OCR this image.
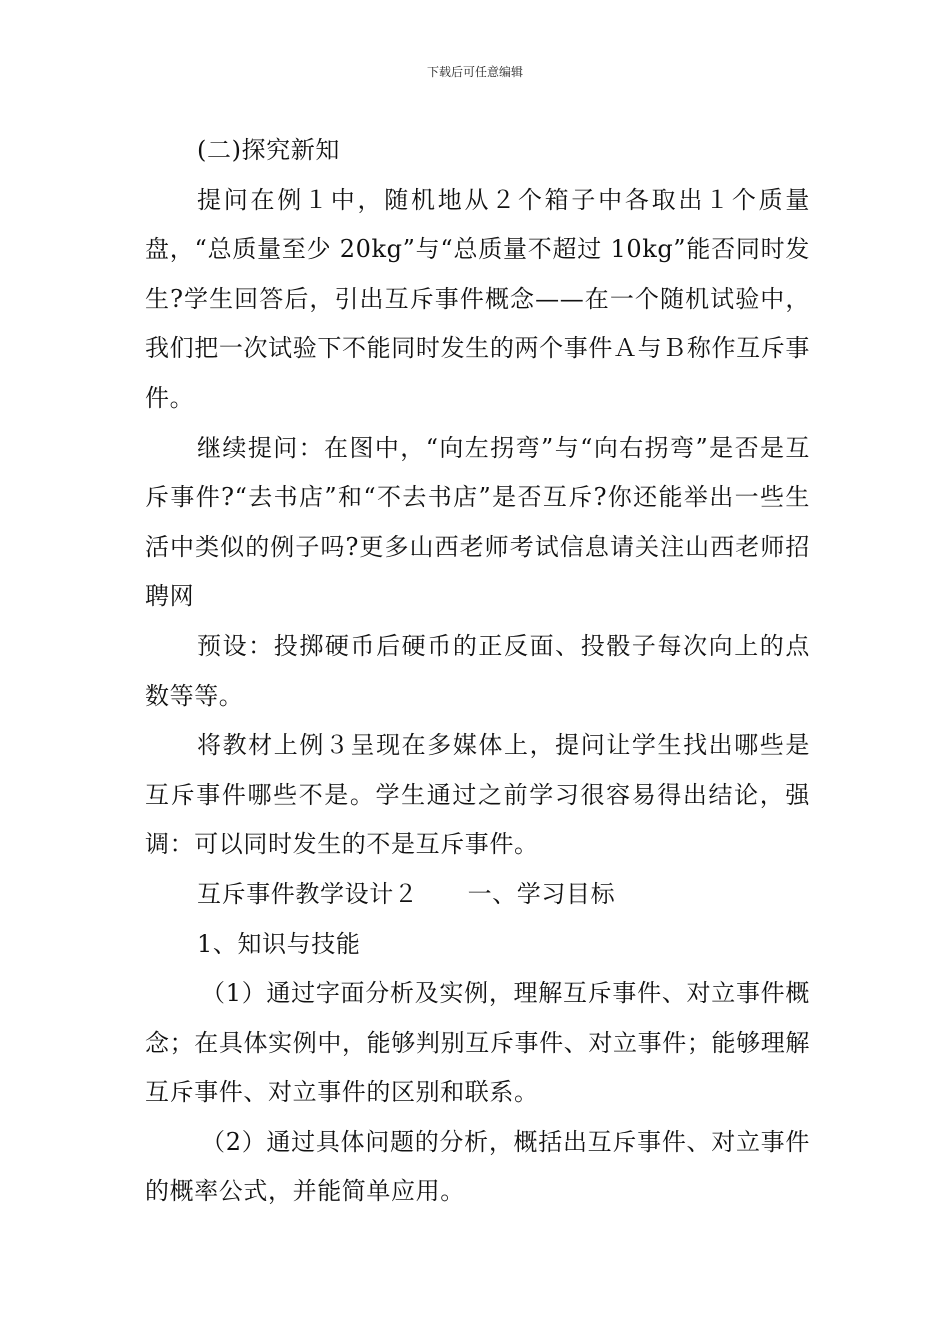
下载后可任意编辑

(二)探究新知

提问在例１中，随机地从２个箱子中各取出１个质量盘，“总质量至少 20kg”与“总质量不超过 10kg”能否同时发生?学生回答后，引出互斥事件概念——在一个随机试验中，我们把一次试验下不能同时发生的两个事件Ａ与Ｂ称作互斥事件。

继续提问：在图中，“向左拐弯”与“向右拐弯”是否是互斥事件?“去书店”和“不去书店”是否互斥?你还能举出一些生活中类似的例子吗?更多山西老师考试信息请关注山西老师招聘网

预设：投掷硬币后硬币的正反面、投骰子每次向上的点数等等。

将教材上例３呈现在多媒体上，提问让学生找出哪些是互斥事件哪些不是。学生通过之前学习很容易得出结论，强调：可以同时发生的不是互斥事件。

互斥事件教学设计２　　一、学习目标

1、知识与技能

（1）通过字面分析及实例，理解互斥事件、对立事件概念；在具体实例中，能够判别互斥事件、对立事件；能够理解互斥事件、对立事件的区别和联系。

（2）通过具体问题的分析，概括出互斥事件、对立事件的概率公式，并能简单应用。
